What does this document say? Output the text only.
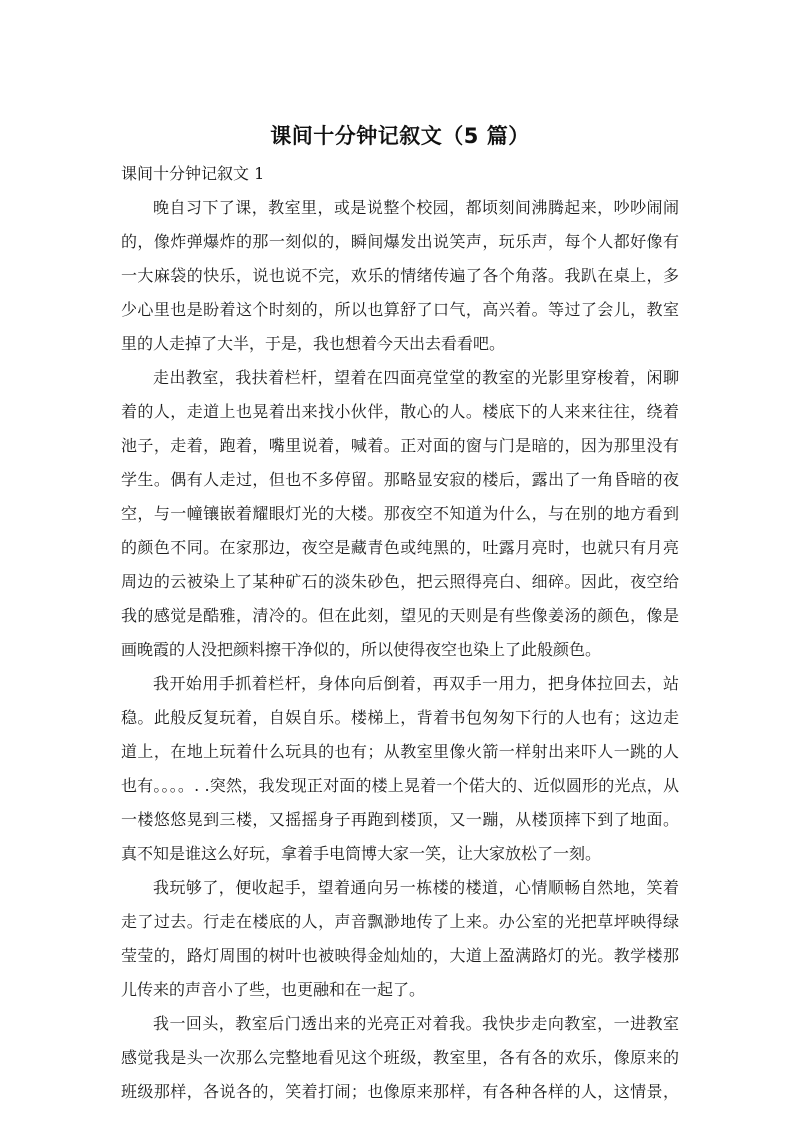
课间十分钟记叙文（5 篇）

课间十分钟记叙文 1

晚自习下了课，教室里，或是说整个校园，都顷刻间沸腾起来，吵吵闹闹的，像炸弹爆炸的那一刻似的，瞬间爆发出说笑声，玩乐声，每个人都好像有一大麻袋的快乐，说也说不完，欢乐的情绪传遍了各个角落。我趴在桌上，多少心里也是盼着这个时刻的，所以也算舒了口气，高兴着。等过了会儿，教室里的人走掉了大半，于是，我也想着今天出去看看吧。

走出教室，我扶着栏杆，望着在四面亮堂堂的教室的光影里穿梭着，闲聊着的人，走道上也晃着出来找小伙伴，散心的人。楼底下的人来来往往，绕着池子，走着，跑着，嘴里说着，喊着。正对面的窗与门是暗的，因为那里没有学生。偶有人走过，但也不多停留。那略显安寂的楼后，露出了一角昏暗的夜空，与一幢镶嵌着耀眼灯光的大楼。那夜空不知道为什么，与在别的地方看到的颜色不同。在家那边，夜空是藏青色或纯黑的，吐露月亮时，也就只有月亮周边的云被染上了某种矿石的淡朱砂色，把云照得亮白、细碎。因此，夜空给我的感觉是酷雅，清冷的。但在此刻，望见的天则是有些像姜汤的颜色，像是画晚霞的人没把颜料擦干净似的，所以使得夜空也染上了此般颜色。

我开始用手抓着栏杆，身体向后倒着，再双手一用力，把身体拉回去，站稳。此般反复玩着，自娱自乐。楼梯上，背着书包匆匆下行的人也有；这边走道上，在地上玩着什么玩具的也有；从教室里像火箭一样射出来吓人一跳的人也有。。。。. .突然，我发现正对面的楼上晃着一个偌大的、近似圆形的光点，从一楼悠悠晃到三楼，又摇摇身子再跑到楼顶，又一蹦，从楼顶摔下到了地面。真不知是谁这么好玩，拿着手电筒博大家一笑，让大家放松了一刻。

我玩够了，便收起手，望着通向另一栋楼的楼道，心情顺畅自然地，笑着走了过去。行走在楼底的人，声音飘渺地传了上来。办公室的光把草坪映得绿莹莹的，路灯周围的树叶也被映得金灿灿的，大道上盈满路灯的光。教学楼那儿传来的声音小了些，也更融和在一起了。

我一回头，教室后门透出来的光亮正对着我。我快步走向教室，一进教室感觉我是头一次那么完整地看见这个班级，教室里，各有各的欢乐，像原来的班级那样，各说各的，笑着打闹；也像原来那样，有各种各样的人，这情景，
